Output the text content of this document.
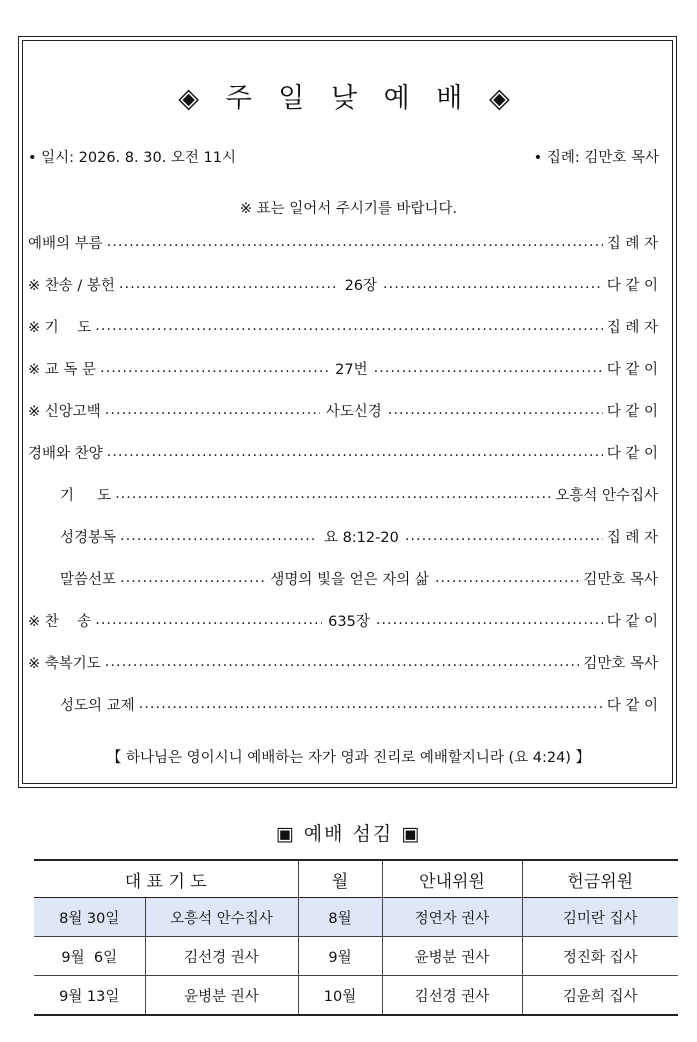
◈ 주 일 낮 예 배 ◈
• 일시: 2026. 8. 30. 오전 11시	• 집례: 김만호 목사
※ 표는 일어서 주시기를 바랍니다.
예배의 부름 .....	집 례 자
※ 찬송 / 봉헌 .....	26장 .....	다 같 이
※ 기    도 .....	집 례 자
※ 교 독 문 .....	27번 .....	다 같 이
※ 신앙고백 .....	사도신경 .....	다 같 이
경배와 찬양 .....	다 같 이
기     도 .....	오흥석 안수집사
성경봉독 .....	요 8:12-20 .....	집 례 자
말씀선포 .....	생명의 빛을 얻은 자의 삶 .....	김만호 목사
※ 찬    송 .....	635장 .....	다 같 이
※ 축복기도 .....	김만호 목사
성도의 교제 .....	다 같 이
【 하나님은 영이시니 예배하는 자가 영과 진리로 예배할지니라 (요 4:24) 】
▣ 예배 섬김 ▣
대 표 기 도		월	안내위원	헌금위원
8월 30일	오흥석 안수집사	8월	정연자 권사	김미란 집사
9월  6일	김선경 권사	9월	윤병분 권사	정진화 집사
9월 13일	윤병분 권사	10월	김선경 권사	김윤희 집사
